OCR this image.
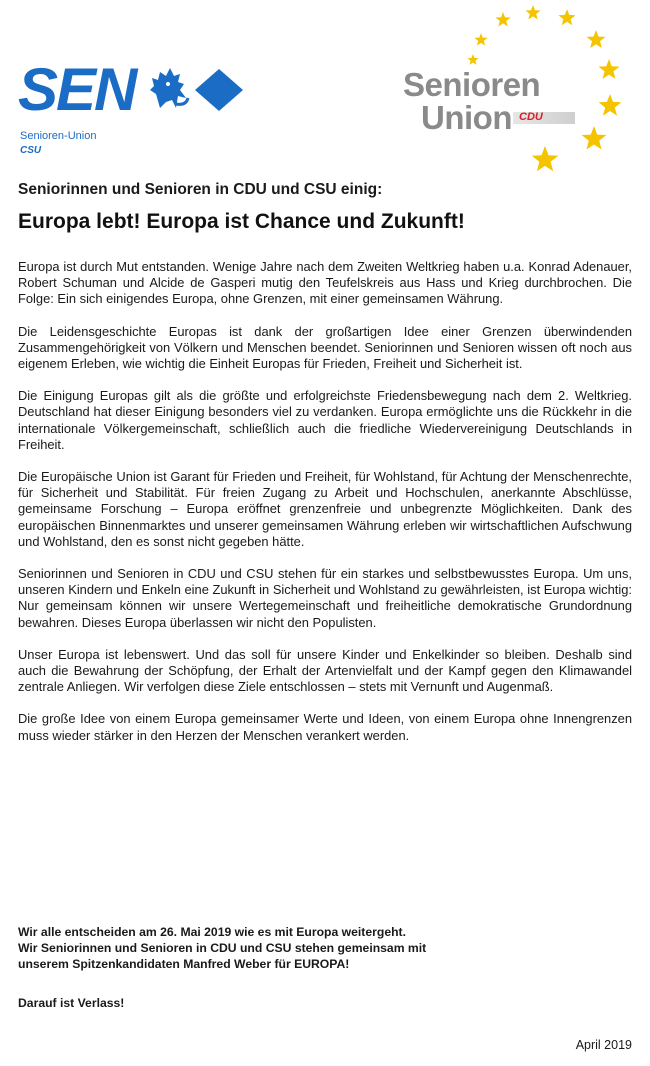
SEN
Senioren-Union
CSU
Senioren
Union CDU
Seniorinnen und Senioren in CDU und CSU einig:
Europa lebt! Europa ist Chance und Zukunft!

Europa ist durch Mut entstanden. Wenige Jahre nach dem Zweiten Weltkrieg haben u.a. Konrad Adenauer, Robert Schuman und Alcide de Gasperi mutig den Teufelskreis aus Hass und Krieg durchbrochen. Die Folge: Ein sich einigendes Europa, ohne Grenzen, mit einer gemeinsamen Währung.

Die Leidensgeschichte Europas ist dank der großartigen Idee einer Grenzen überwindenden Zusammengehörigkeit von Völkern und Menschen beendet. Seniorinnen und Senioren wissen oft noch aus eigenem Erleben, wie wichtig die Einheit Europas für Frieden, Freiheit und Sicherheit ist.

Die Einigung Europas gilt als die größte und erfolgreichste Friedensbewegung nach dem 2. Weltkrieg. Deutschland hat dieser Einigung besonders viel zu verdanken. Europa ermöglichte uns die Rückkehr in die internationale Völkergemeinschaft, schließlich auch die friedliche Wiedervereinigung Deutschlands in Freiheit.

Die Europäische Union ist Garant für Frieden und Freiheit, für Wohlstand, für Achtung der Menschenrechte, für Sicherheit und Stabilität. Für freien Zugang zu Arbeit und Hochschulen, anerkannte Abschlüsse, gemeinsame Forschung – Europa eröffnet grenzenfreie und unbegrenzte Möglichkeiten. Dank des europäischen Binnenmarktes und unserer gemeinsamen Währung erleben wir wirtschaftlichen Aufschwung und Wohlstand, den es sonst nicht gegeben hätte.

Seniorinnen und Senioren in CDU und CSU stehen für ein starkes und selbstbewusstes Europa. Um uns, unseren Kindern und Enkeln eine Zukunft in Sicherheit und Wohlstand zu gewährleisten, ist Europa wichtig: Nur gemeinsam können wir unsere Wertegemeinschaft und freiheitliche demokratische Grundordnung bewahren. Dieses Europa überlassen wir nicht den Populisten.

Unser Europa ist lebenswert. Und das soll für unsere Kinder und Enkelkinder so bleiben. Deshalb sind auch die Bewahrung der Schöpfung, der Erhalt der Artenvielfalt und der Kampf gegen den Klimawandel zentrale Anliegen. Wir verfolgen diese Ziele entschlossen – stets mit Vernunft und Augenmaß.

Die große Idee von einem Europa gemeinsamer Werte und Ideen, von einem Europa ohne Innengrenzen muss wieder stärker in den Herzen der Menschen verankert werden.

Wir alle entscheiden am 26. Mai 2019 wie es mit Europa weitergeht.
Wir Seniorinnen und Senioren in CDU und CSU stehen gemeinsam mit
unserem Spitzenkandidaten Manfred Weber für EUROPA!
Darauf ist Verlass!
April 2019
